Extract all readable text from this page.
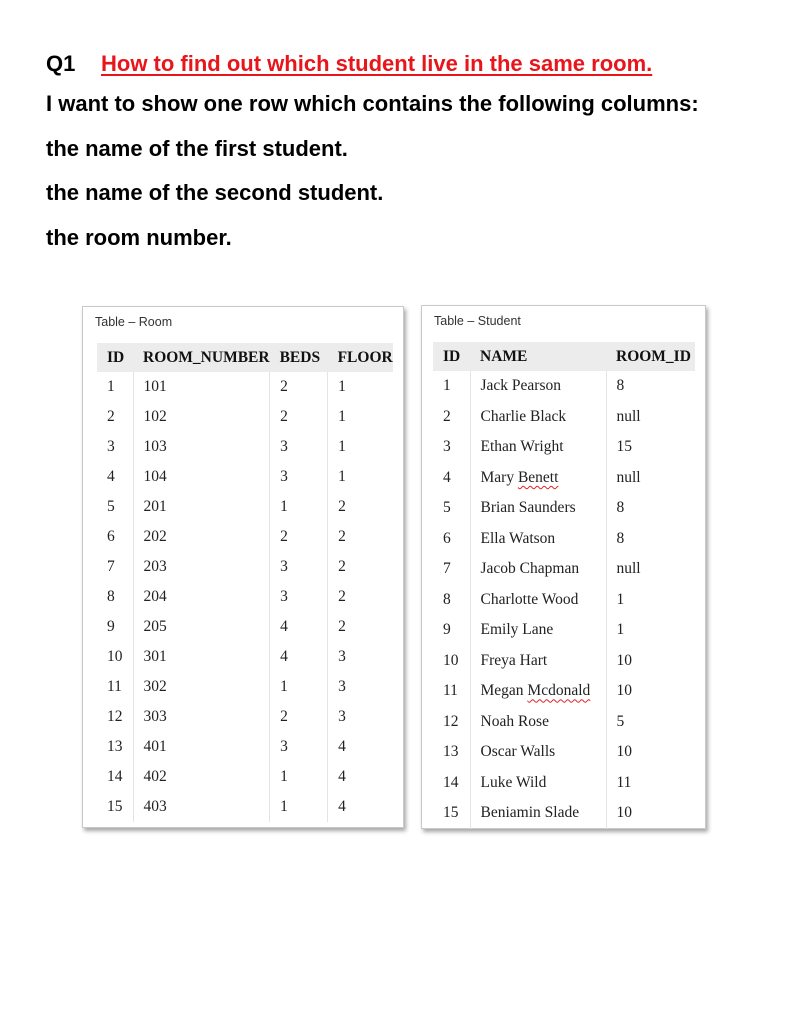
Q1 How to find out which student live in the same room.
I want to show one row which contains the following columns:
the name of the first student.
the name of the second student.
the room number.
Table – Room
ID	ROOM_NUMBER	BEDS	FLOOR
1	101	2	1
2	102	2	1
3	103	3	1
4	104	3	1
5	201	1	2
6	202	2	2
7	203	3	2
8	204	3	2
9	205	4	2
10	301	4	3
11	302	1	3
12	303	2	3
13	401	3	4
14	402	1	4
15	403	1	4
Table – Student
ID	NAME	ROOM_ID
1	Jack Pearson	8
2	Charlie Black	null
3	Ethan Wright	15
4	Mary Benett	null
5	Brian Saunders	8
6	Ella Watson	8
7	Jacob Chapman	null
8	Charlotte Wood	1
9	Emily Lane	1
10	Freya Hart	10
11	Megan Mcdonald	10
12	Noah Rose	5
13	Oscar Walls	10
14	Luke Wild	11
15	Beniamin Slade	10
